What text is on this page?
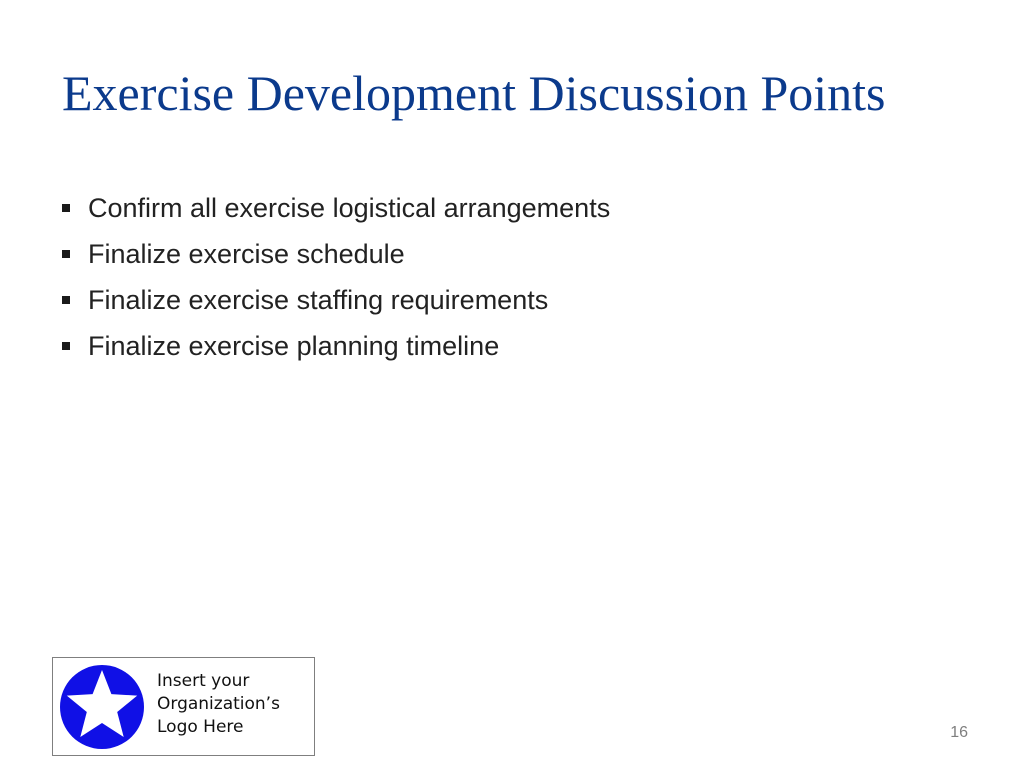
Exercise Development Discussion Points
Confirm all exercise logistical arrangements
Finalize exercise schedule
Finalize exercise staffing requirements
Finalize exercise planning timeline
Insert your
Organization’s
Logo Here	16
